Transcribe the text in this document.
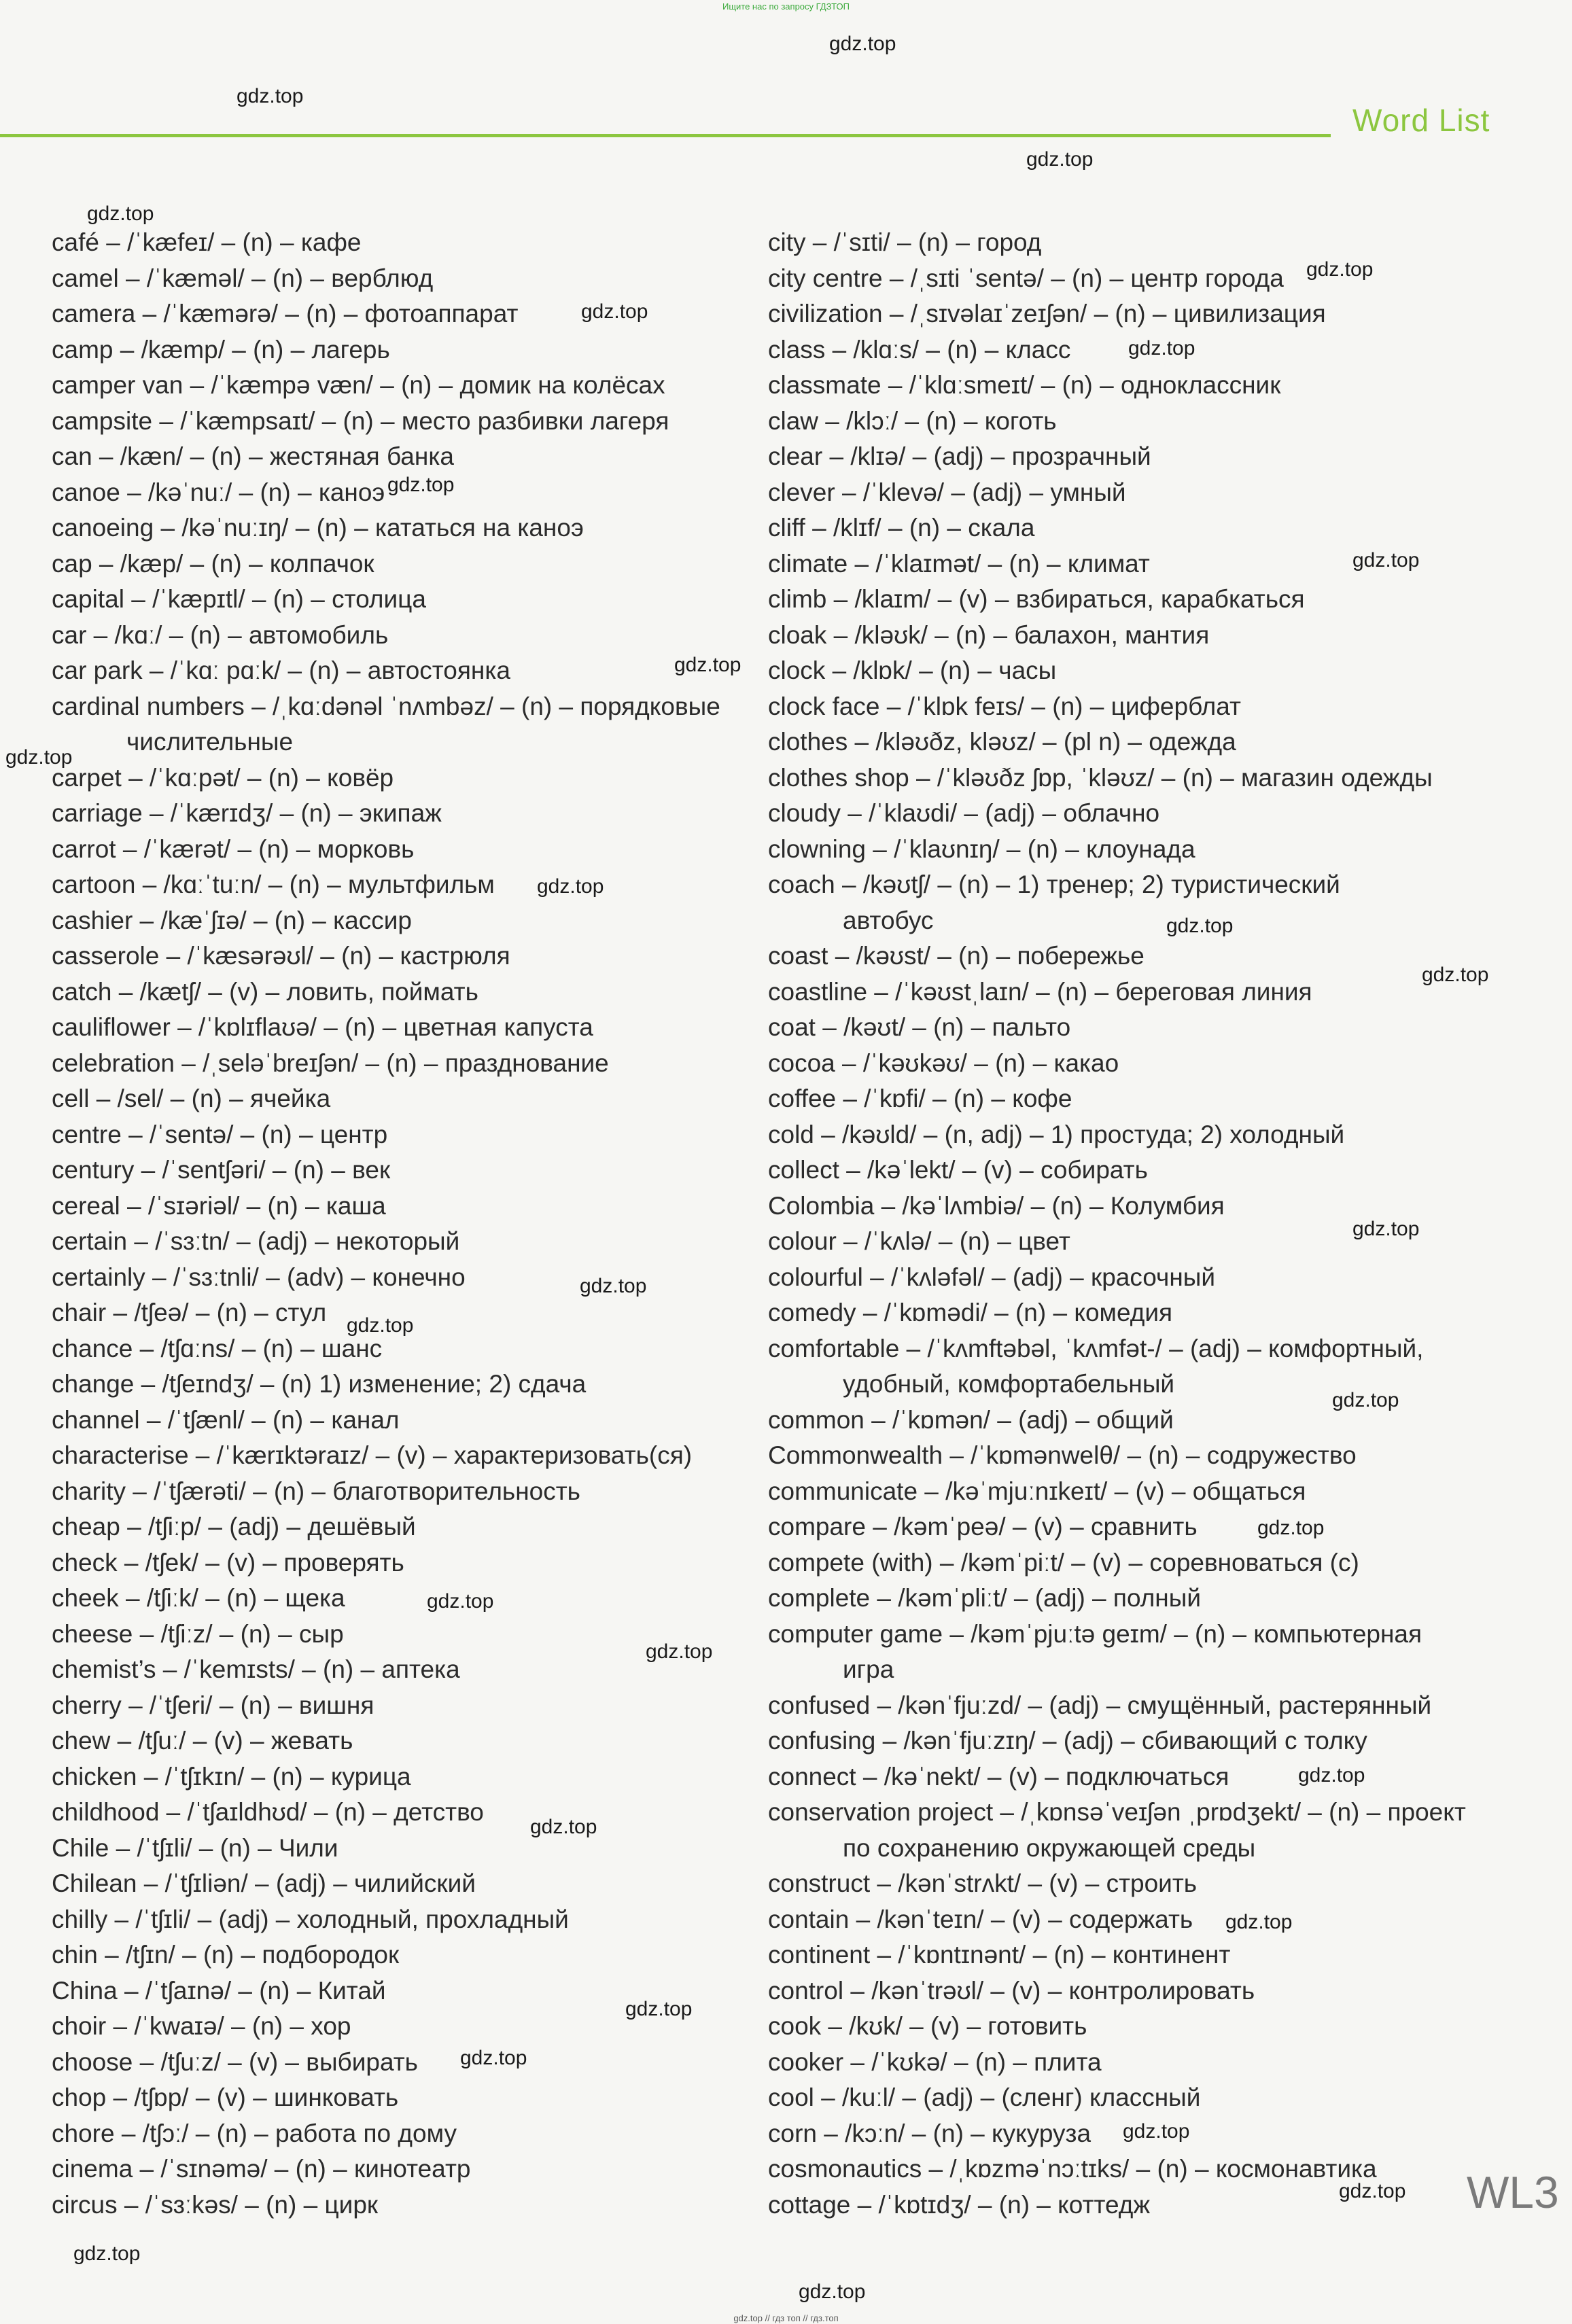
Ищите нас по запросу ГДЗТОП
Word List
café – /ˈkæfeɪ/ – (n) – кафе
camel – /ˈkæməl/ – (n) – верблюд
camera – /ˈkæmərə/ – (n) – фотоаппарат
camp – /kæmp/ – (n) – лагерь
camper van – /ˈkæmpə væn/ – (n) – домик на колёсах
campsite – /ˈkæmpsaɪt/ – (n) – место разбивки лагеря
can – /kæn/ – (n) – жестяная банка
canoe – /kəˈnuː/ – (n) – каноэ
canoeing – /kəˈnuːɪŋ/ – (n) – кататься на каноэ
cap – /kæp/ – (n) – колпачок
capital – /ˈkæpɪtl/ – (n) – столица
car – /kɑː/ – (n) – автомобиль
car park – /ˈkɑː pɑːk/ – (n) – автостоянка
cardinal numbers – /ˌkɑːdənəl ˈnʌmbəz/ – (n) – порядковые
числительные
carpet – /ˈkɑːpət/ – (n) – ковёр
carriage – /ˈkærɪdʒ/ – (n) – экипаж
carrot – /ˈkærət/ – (n) – морковь
cartoon – /kɑːˈtuːn/ – (n) – мультфильм
cashier – /kæˈʃɪə/ – (n) – кассир
casserole – /ˈkæsərəʊl/ – (n) – кастрюля
catch – /kætʃ/ – (v) – ловить, поймать
cauliflower – /ˈkɒlɪflaʊə/ – (n) – цветная капуста
celebration – /ˌseləˈbreɪʃən/ – (n) – празднование
cell – /sel/ – (n) – ячейка
centre – /ˈsentə/ – (n) – центр
century – /ˈsentʃəri/ – (n) – век
cereal – /ˈsɪəriəl/ – (n) – каша
certain – /ˈsɜːtn/ – (adj) – некоторый
certainly – /ˈsɜːtnli/ – (adv) – конечно
chair – /tʃeə/ – (n) – стул
chance – /tʃɑːns/ – (n) – шанс
change – /tʃeɪndʒ/ – (n) 1) изменение; 2) сдача
channel – /ˈtʃænl/ – (n) – канал
characterise – /ˈkærɪktəraɪz/ – (v) – характеризовать(ся)
charity – /ˈtʃærəti/ – (n) – благотворительность
cheap – /tʃiːp/ – (adj) – дешёвый
check – /tʃek/ – (v) – проверять
cheek – /tʃiːk/ – (n) – щека
cheese – /tʃiːz/ – (n) – сыр
chemist’s – /ˈkemɪsts/ – (n) – аптека
cherry – /ˈtʃeri/ – (n) – вишня
chew – /tʃuː/ – (v) – жевать
chicken – /ˈtʃɪkɪn/ – (n) – курица
childhood – /ˈtʃaɪldhʊd/ – (n) – детство
Chile – /ˈtʃɪli/ – (n) – Чили
Chilean – /ˈtʃɪliən/ – (adj) – чилийский
chilly – /ˈtʃɪli/ – (adj) – холодный, прохладный
chin – /tʃɪn/ – (n) – подбородок
China – /ˈtʃaɪnə/ – (n) – Китай
choir – /ˈkwaɪə/ – (n) – хор
choose – /tʃuːz/ – (v) – выбирать
chop – /tʃɒp/ – (v) – шинковать
chore – /tʃɔː/ – (n) – работа по дому
cinema – /ˈsɪnəmə/ – (n) – кинотеатр
circus – /ˈsɜːkəs/ – (n) – цирк
city – /ˈsɪti/ – (n) – город
city centre – /ˌsɪti ˈsentə/ – (n) – центр города
civilization – /ˌsɪvəlaɪˈzeɪʃən/ – (n) – цивилизация
class – /klɑːs/ – (n) – класс
classmate – /ˈklɑːsmeɪt/ – (n) – одноклассник
claw – /klɔː/ – (n) – коготь
clear – /klɪə/ – (adj) – прозрачный
clever – /ˈklevə/ – (adj) – умный
cliff – /klɪf/ – (n) – скала
climate – /ˈklaɪmət/ – (n) – климат
climb – /klaɪm/ – (v) – взбираться, карабкаться
cloak – /kləʊk/ – (n) – балахон, мантия
clock – /klɒk/ – (n) – часы
clock face – /ˈklɒk feɪs/ – (n) – циферблат
clothes – /kləʊðz, kləʊz/ – (pl n) – одежда
clothes shop – /ˈkləʊðz ʃɒp, ˈkləʊz/ – (n) – магазин одежды
cloudy – /ˈklaʊdi/ – (adj) – облачно
clowning – /ˈklaʊnɪŋ/ – (n) – клоунада
coach – /kəʊtʃ/ – (n) – 1) тренер; 2) туристический
автобус
coast – /kəʊst/ – (n) – побережье
coastline – /ˈkəʊstˌlaɪn/ – (n) – береговая линия
coat – /kəʊt/ – (n) – пальто
cocoa – /ˈkəʊkəʊ/ – (n) – какао
coffee – /ˈkɒfi/ – (n) – кофе
cold – /kəʊld/ – (n, adj) – 1) простуда; 2) холодный
collect – /kəˈlekt/ – (v) – собирать
Colombia – /kəˈlʌmbiə/ – (n) – Колумбия
colour – /ˈkʌlə/ – (n) – цвет
colourful – /ˈkʌləfəl/ – (adj) – красочный
comedy – /ˈkɒmədi/ – (n) – комедия
comfortable – /ˈkʌmftəbəl, ˈkʌmfət-/ – (adj) – комфортный,
удобный, комфортабельный
common – /ˈkɒmən/ – (adj) – общий
Commonwealth – /ˈkɒmənwelθ/ – (n) – содружество
communicate – /kəˈmjuːnɪkeɪt/ – (v) – общаться
compare – /kəmˈpeə/ – (v) – сравнить
compete (with) – /kəmˈpiːt/ – (v) – соревноваться (с)
complete – /kəmˈpliːt/ – (adj) – полный
computer game – /kəmˈpjuːtə ɡeɪm/ – (n) – компьютерная
игра
confused – /kənˈfjuːzd/ – (adj) – смущённый, растерянный
confusing – /kənˈfjuːzɪŋ/ – (adj) – сбивающий с толку
connect – /kəˈnekt/ – (v) – подключаться
conservation project – /ˌkɒnsəˈveɪʃən ˌprɒdʒekt/ – (n) – проект
по сохранению окружающей среды
construct – /kənˈstrʌkt/ – (v) – строить
contain – /kənˈteɪn/ – (v) – содержать
continent – /ˈkɒntɪnənt/ – (n) – континент
control – /kənˈtrəʊl/ – (v) – контролировать
cook – /kʊk/ – (v) – готовить
cooker – /ˈkʊkə/ – (n) – плита
cool – /kuːl/ – (adj) – (сленг) классный
corn – /kɔːn/ – (n) – кукуруза
cosmonautics – /ˌkɒzməˈnɔːtɪks/ – (n) – космонавтика
cottage – /ˈkɒtɪdʒ/ – (n) – коттедж
gdz.top
gdz.top
gdz.top
gdz.top
gdz.top
gdz.top
gdz.top
gdz.top
gdz.top
gdz.top
gdz.top
gdz.top
gdz.top
gdz.top
gdz.top
gdz.top
gdz.top
gdz.top
gdz.top
gdz.top
gdz.top
gdz.top
gdz.top
gdz.top
gdz.top
gdz.top
gdz.top
gdz.top
gdz.top
gdz.top
WL3
gdz.top // гдз топ // гдз.топ
